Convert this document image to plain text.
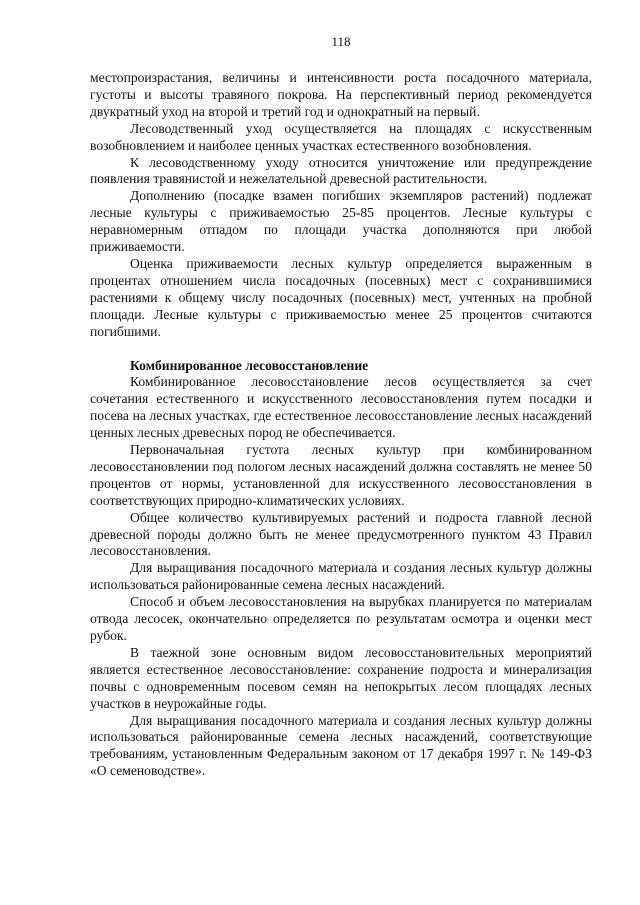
118

местопроизрастания, величины и интенсивности роста посадочного материала, густоты и высоты травяного покрова. На перспективный период рекомендуется двукратный уход на второй и третий год и однократный на первый.

Лесоводственный уход осуществляется на площадях с искусственным возобновлением и наиболее ценных участках естественного возобновления.

К лесоводственному уходу относится уничтожение или предупреждение появления травянистой и нежелательной древесной растительности.

Дополнению (посадке взамен погибших экземпляров растений) подлежат лесные культуры с приживаемостью 25-85 процентов. Лесные культуры с неравномерным отпадом по площади участка дополняются при любой приживаемости.

Оценка приживаемости лесных культур определяется выраженным в процентах отношением числа посадочных (посевных) мест с сохранившимися растениями к общему числу посадочных (посевных) мест, учтенных на пробной площади. Лесные культуры с приживаемостью менее 25 процентов считаются погибшими.

Комбинированное лесовосстановление

Комбинированное лесовосстановление лесов осуществляется за счет сочетания естественного и искусственного лесовосстановления путем посадки и посева на лесных участках, где естественное лесовосстановление лесных насаждений ценных лесных древесных пород не обеспечивается.

Первоначальная густота лесных культур при комбинированном лесовосстановлении под пологом лесных насаждений должна составлять не менее 50 процентов от нормы, установленной для искусственного лесовосстановления в соответствующих природно-климатических условиях.

Общее количество культивируемых растений и подроста главной лесной древесной породы должно быть не менее предусмотренного пунктом 43 Правил лесовосстановления.

Для выращивания посадочного материала и создания лесных культур должны использоваться районированные семена лесных насаждений.

Способ и объем лесовосстановления на вырубках планируется по материалам отвода лесосек, окончательно определяется по результатам осмотра и оценки мест рубок.

В таежной зоне основным видом лесовосстановительных мероприятий является естественное лесовосстановление: сохранение подроста и минерализация почвы с одновременным посевом семян на непокрытых лесом площадях лесных участков в неурожайные годы.

Для выращивания посадочного материала и создания лесных культур должны использоваться районированные семена лесных насаждений, соответствующие требованиям, установленным Федеральным законом от 17 декабря 1997 г. № 149-ФЗ «О семеноводстве».
